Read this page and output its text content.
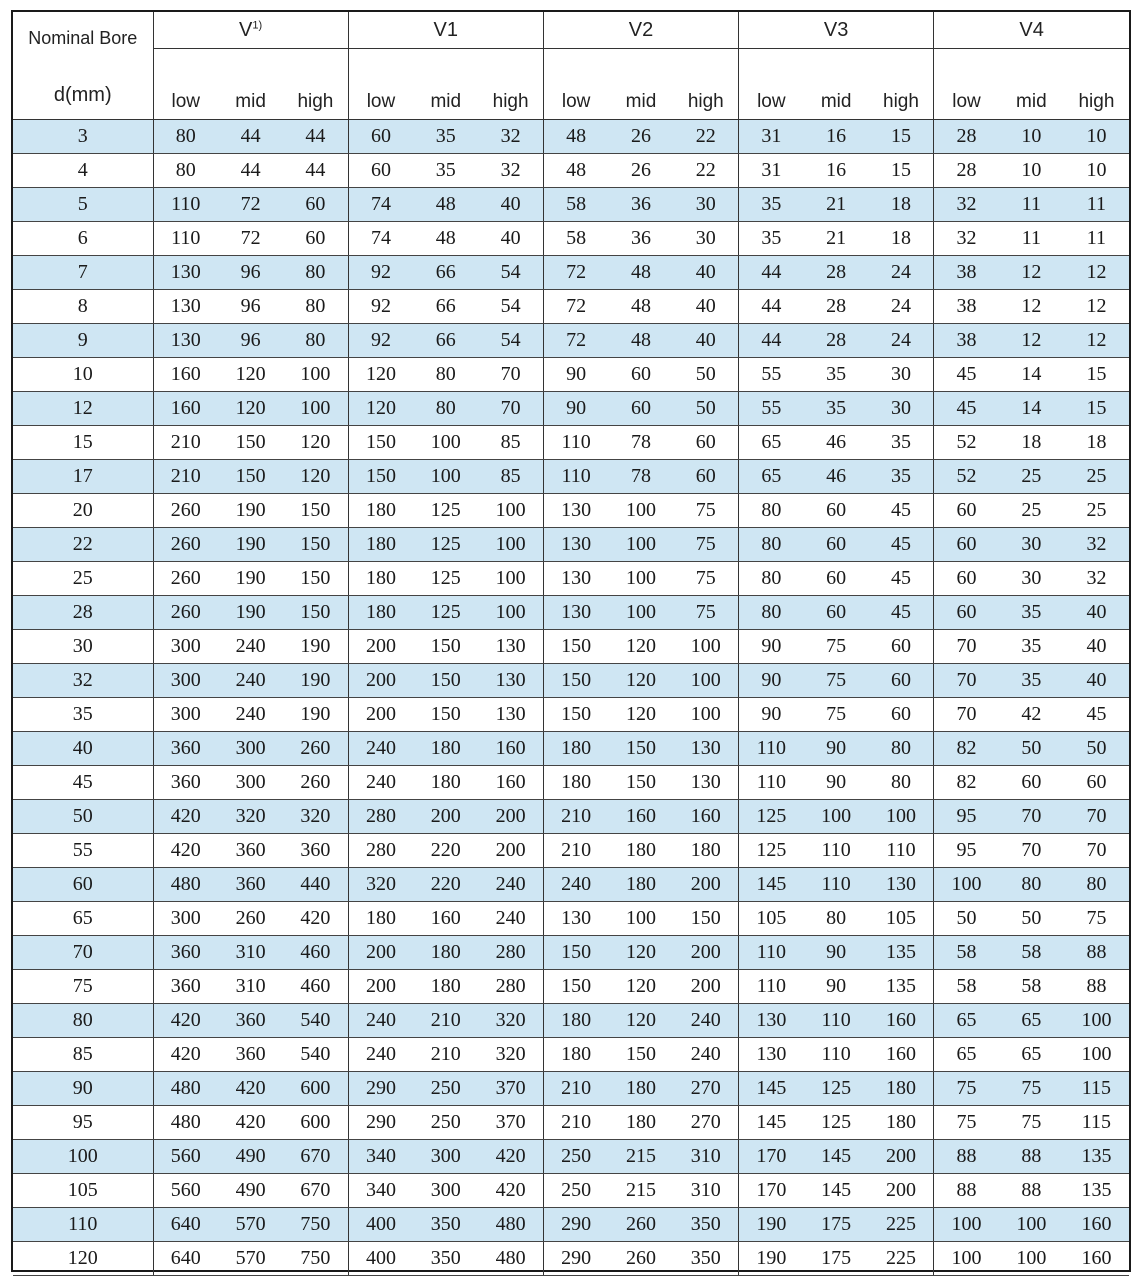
Nominal Bore
d(mm)	$V^{1)}$			V1			V2			V3			V4		
	low	mid	high	low	mid	high	low	mid	high	low	mid	high	low	mid	high
3	80	44	44	60	35	32	48	26	22	31	16	15	28	10	10
4	80	44	44	60	35	32	48	26	22	31	16	15	28	10	10
5	110	72	60	74	48	40	58	36	30	35	21	18	32	11	11
6	110	72	60	74	48	40	58	36	30	35	21	18	32	11	11
7	130	96	80	92	66	54	72	48	40	44	28	24	38	12	12
8	130	96	80	92	66	54	72	48	40	44	28	24	38	12	12
9	130	96	80	92	66	54	72	48	40	44	28	24	38	12	12
10	160	120	100	120	80	70	90	60	50	55	35	30	45	14	15
12	160	120	100	120	80	70	90	60	50	55	35	30	45	14	15
15	210	150	120	150	100	85	110	78	60	65	46	35	52	18	18
17	210	150	120	150	100	85	110	78	60	65	46	35	52	25	25
20	260	190	150	180	125	100	130	100	75	80	60	45	60	25	25
22	260	190	150	180	125	100	130	100	75	80	60	45	60	30	32
25	260	190	150	180	125	100	130	100	75	80	60	45	60	30	32
28	260	190	150	180	125	100	130	100	75	80	60	45	60	35	40
30	300	240	190	200	150	130	150	120	100	90	75	60	70	35	40
32	300	240	190	200	150	130	150	120	100	90	75	60	70	35	40
35	300	240	190	200	150	130	150	120	100	90	75	60	70	42	45
40	360	300	260	240	180	160	180	150	130	110	90	80	82	50	50
45	360	300	260	240	180	160	180	150	130	110	90	80	82	60	60
50	420	320	320	280	200	200	210	160	160	125	100	100	95	70	70
55	420	360	360	280	220	200	210	180	180	125	110	110	95	70	70
60	480	360	440	320	220	240	240	180	200	145	110	130	100	80	80
65	300	260	420	180	160	240	130	100	150	105	80	105	50	50	75
70	360	310	460	200	180	280	150	120	200	110	90	135	58	58	88
75	360	310	460	200	180	280	150	120	200	110	90	135	58	58	88
80	420	360	540	240	210	320	180	120	240	130	110	160	65	65	100
85	420	360	540	240	210	320	180	150	240	130	110	160	65	65	100
90	480	420	600	290	250	370	210	180	270	145	125	180	75	75	115
95	480	420	600	290	250	370	210	180	270	145	125	180	75	75	115
100	560	490	670	340	300	420	250	215	310	170	145	200	88	88	135
105	560	490	670	340	300	420	250	215	310	170	145	200	88	88	135
110	640	570	750	400	350	480	290	260	350	190	175	225	100	100	160
120	640	570	750	400	350	480	290	260	350	190	175	225	100	100	160
